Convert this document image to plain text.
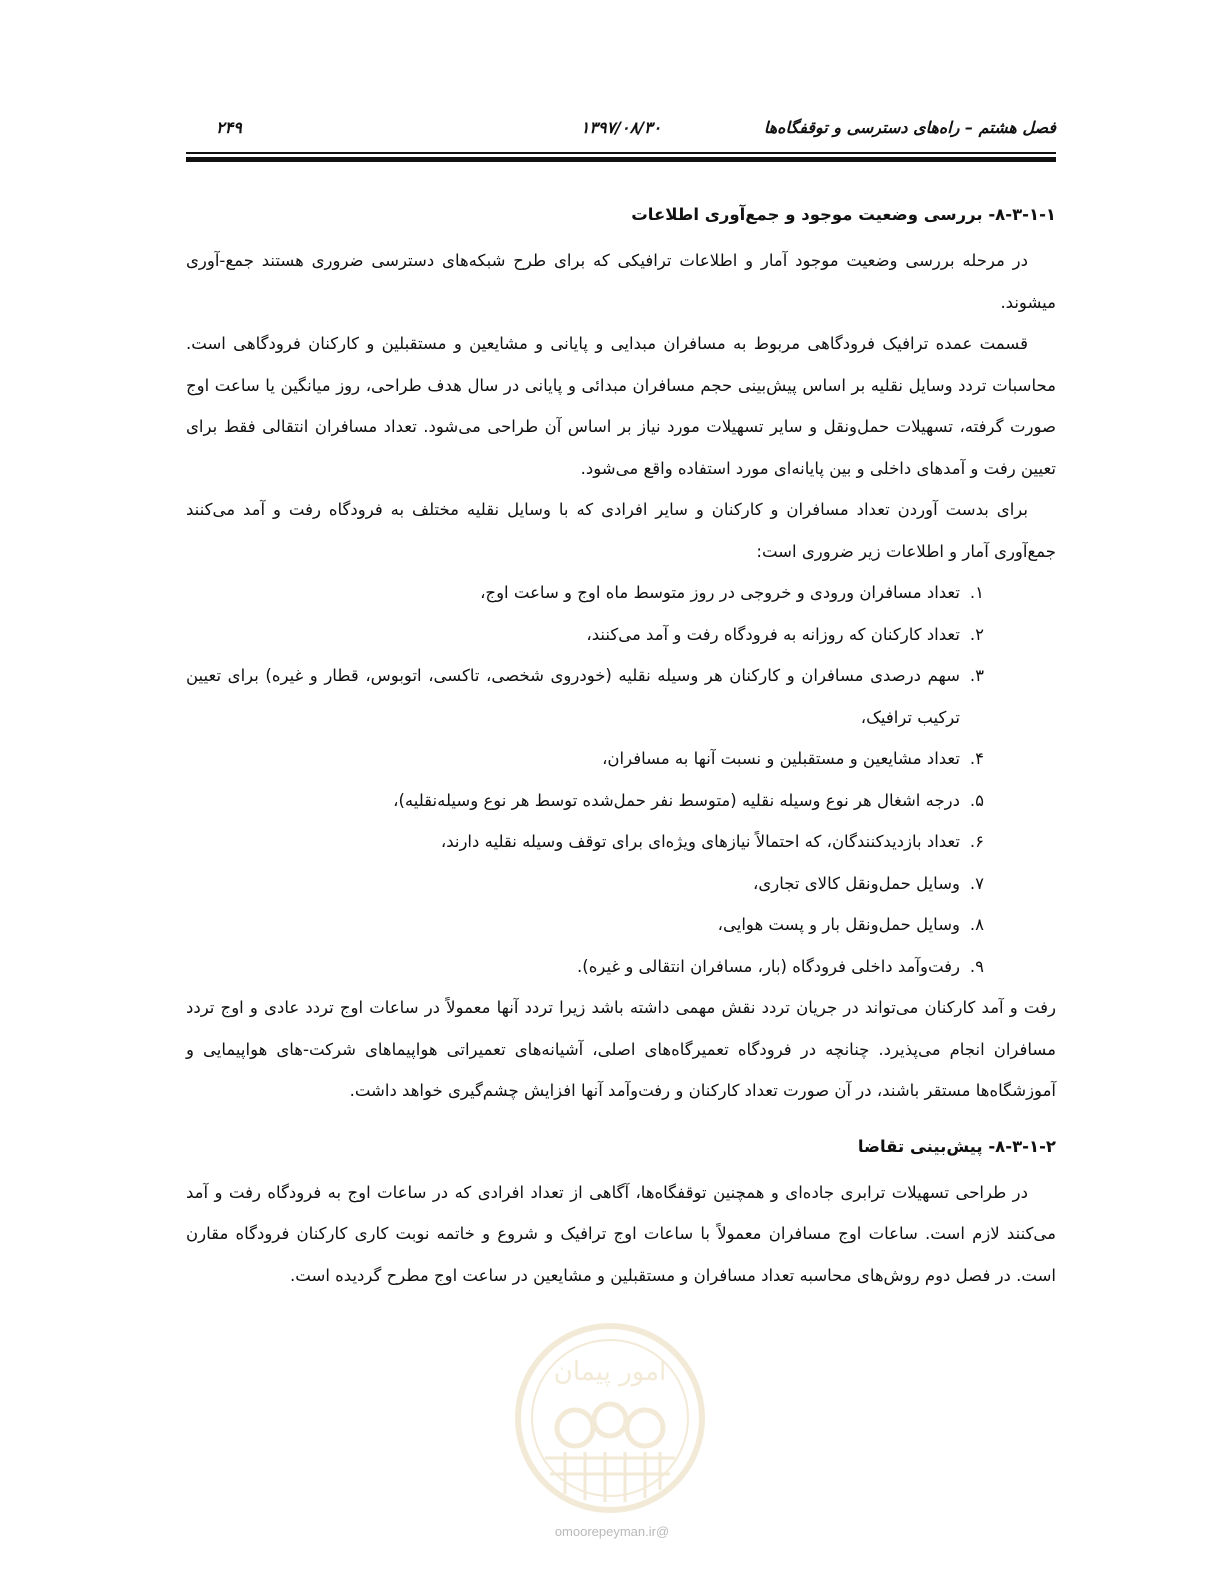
فصل هشتم – راه‌های دسترسی و توقفگاه‌ها
۱۳۹۷/۰۸/۳۰
۲۴۹
۸-۳-۱-۱- بررسی وضعیت موجود و جمع‌آوری اطلاعات

در مرحله بررسی وضعیت موجود آمار و اطلاعات ترافیکی که برای طرح شبکه‌های دسترسی ضروری هستند جمع-آوری میشوند.

قسمت عمده ترافیک فرودگاهی مربوط به مسافران مبدایی و پایانی و مشایعین و مستقبلین و کارکنان فرودگاهی است. محاسبات تردد وسایل نقلیه بر اساس پیش‌بینی حجم مسافران مبدائی و پایانی در سال هدف طراحی، روز میانگین یا ساعت اوج صورت گرفته، تسهیلات حمل‌ونقل و سایر تسهیلات مورد نیاز بر اساس آن طراحی می‌شود. تعداد مسافران انتقالی فقط برای تعیین رفت و آمدهای داخلی و بین پایانه‌ای مورد استفاده واقع می‌شود.

برای بدست آوردن تعداد مسافران و کارکنان و سایر افرادی که با وسایل نقلیه مختلف به فرودگاه رفت و آمد می‌کنند جمع‌آوری آمار و اطلاعات زیر ضروری است:

۱.
تعداد مسافران ورودی و خروجی در روز متوسط ماه اوج و ساعت اوج،
۲.
تعداد کارکنان که روزانه به فرودگاه رفت و آمد می‌کنند،
۳.
سهم درصدی مسافران و کارکنان هر وسیله نقلیه (خودروی شخصی، تاکسی، اتوبوس، قطار و غیره) برای تعیین ترکیب ترافیک،
۴.
تعداد مشایعین و مستقبلین و نسبت آنها به مسافران،
۵.
درجه اشغال هر نوع وسیله نقلیه (متوسط نفر حمل‌شده توسط هر نوع وسیله‌نقلیه)،
۶.
تعداد بازدیدکنندگان، که احتمالاً نیازهای ویژه‌ای برای توقف وسیله نقلیه دارند،
۷.
وسایل حمل‌ونقل کالای تجاری،
۸.
وسایل حمل‌ونقل بار و پست هوایی،
۹.
رفت‌وآمد داخلی فرودگاه (بار، مسافران انتقالی و غیره).

رفت و آمد کارکنان می‌تواند در جریان تردد نقش مهمی داشته باشد زیرا تردد آنها معمولاً در ساعات اوج تردد عادی و اوج تردد مسافران انجام می‌پذیرد. چنانچه در فرودگاه تعمیرگاه‌های اصلی، آشیانه‌های تعمیراتی هواپیماهای شرکت-های هواپیمایی و آموزشگاه‌ها مستقر باشند، در آن صورت تعداد کارکنان و رفت‌وآمد آنها افزایش چشم‌گیری خواهد داشت.

۸-۳-۱-۲- پیش‌بینی تقاضا

در طراحی تسهیلات ترابری جاده‌ای و همچنین توقفگاه‌ها، آگاهی از تعداد افرادی که در ساعات اوج به فرودگاه رفت و آمد می‌کنند لازم است. ساعات اوج مسافران معمولاً با ساعات اوج ترافیک و شروع و خاتمه نوبت کاری کارکنان فرودگاه مقارن است. در فصل دوم روش‌های محاسبه تعداد مسافران و مستقبلین و مشایعین در ساعت اوج مطرح گردیده است.

امور پیمان
@omoorepeyman.ir
